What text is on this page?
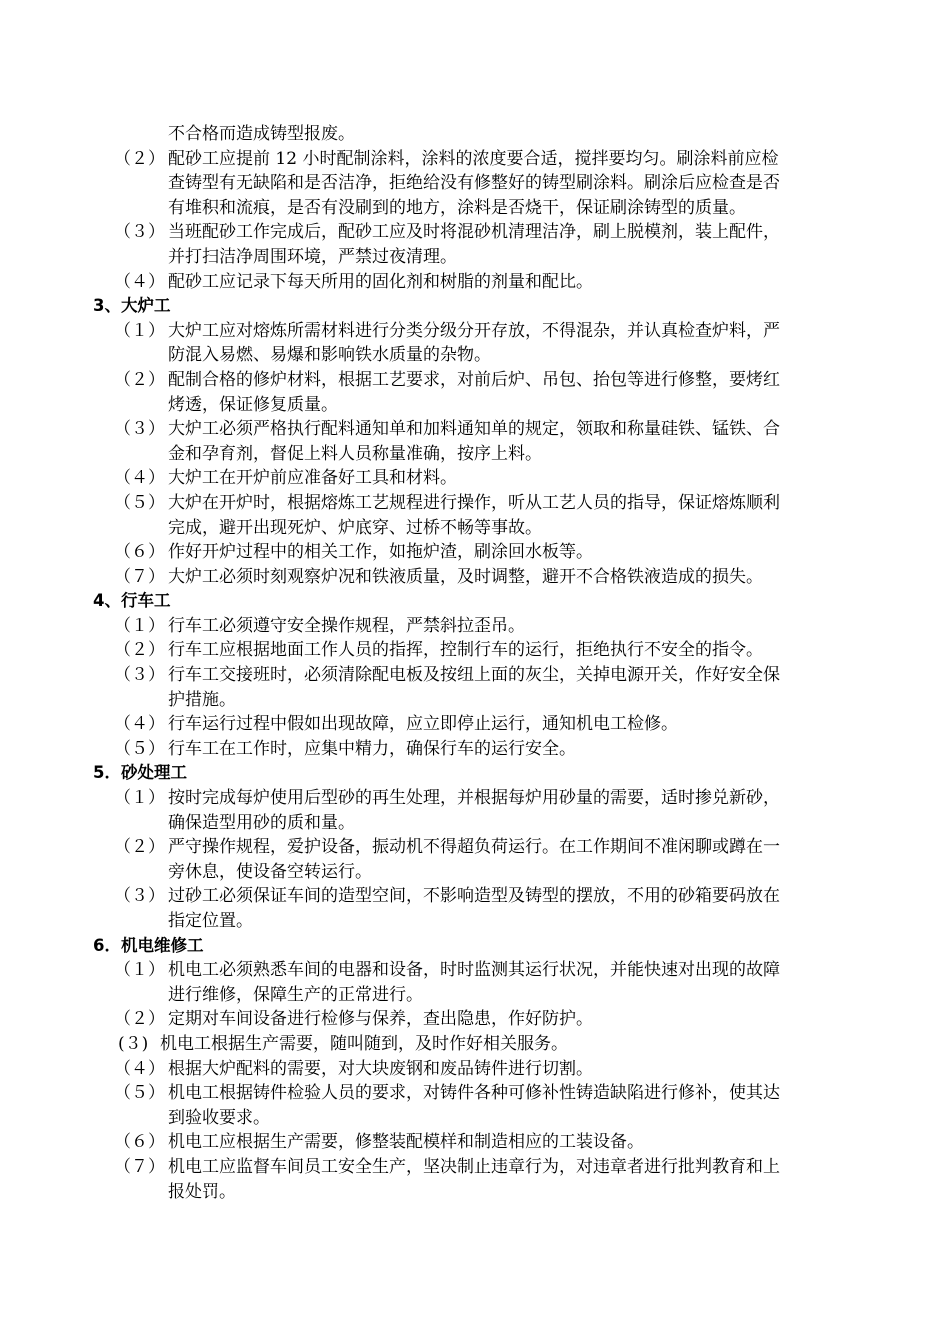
不合格而造成铸型报废。
（２） 配砂工应提前 12 小时配制涂料，涂料的浓度要合适，搅拌要均匀。刷涂料前应检
查铸型有无缺陷和是否洁净，拒绝给没有修整好的铸型刷涂料。刷涂后应检查是否
有堆积和流痕，是否有没刷到的地方，涂料是否烧干，保证刷涂铸型的质量。
（３） 当班配砂工作完成后，配砂工应及时将混砂机清理洁净，刷上脱模剂，装上配件，
并打扫洁净周围环境，严禁过夜清理。
（４） 配砂工应记录下每天所用的固化剂和树脂的剂量和配比。
3、大炉工
（１） 大炉工应对熔炼所需材料进行分类分级分开存放，不得混杂，并认真检查炉料，严
防混入易燃、易爆和影响铁水质量的杂物。
（２） 配制合格的修炉材料，根据工艺要求，对前后炉、吊包、抬包等进行修整，要烤红
烤透，保证修复质量。
（３） 大炉工必须严格执行配料通知单和加料通知单的规定，领取和称量硅铁、锰铁、合
金和孕育剂，督促上料人员称量准确，按序上料。
（４） 大炉工在开炉前应准备好工具和材料。
（５） 大炉在开炉时，根据熔炼工艺规程进行操作，听从工艺人员的指导，保证熔炼顺利
完成，避开出现死炉、炉底穿、过桥不畅等事故。
（６） 作好开炉过程中的相关工作，如拖炉渣，刷涂回水板等。
（７） 大炉工必须时刻观察炉况和铁液质量，及时调整，避开不合格铁液造成的损失。
4、行车工
（１） 行车工必须遵守安全操作规程，严禁斜拉歪吊。
（２） 行车工应根据地面工作人员的指挥，控制行车的运行，拒绝执行不安全的指令。
（３） 行车工交接班时，必须清除配电板及按纽上面的灰尘，关掉电源开关，作好安全保
护措施。
（４） 行车运行过程中假如出现故障，应立即停止运行，通知机电工检修。
（５） 行车工在工作时，应集中精力，确保行车的运行安全。
5．砂处理工
（１） 按时完成每炉使用后型砂的再生处理，并根据每炉用砂量的需要，适时掺兑新砂，
确保造型用砂的质和量。
（２） 严守操作规程，爱护设备，振动机不得超负荷运行。在工作期间不准闲聊或蹲在一
旁休息，使设备空转运行。
（３） 过砂工必须保证车间的造型空间，不影响造型及铸型的摆放，不用的砂箱要码放在
指定位置。
6．机电维修工
（１） 机电工必须熟悉车间的电器和设备，时时监测其运行状况，并能快速对出现的故障
进行维修，保障生产的正常进行。
（２） 定期对车间设备进行检修与保养，查出隐患，作好防护。
(３) 机电工根据生产需要，随叫随到，及时作好相关服务。
（４） 根据大炉配料的需要，对大块废钢和废品铸件进行切割。
（５） 机电工根据铸件检验人员的要求，对铸件各种可修补性铸造缺陷进行修补，使其达
到验收要求。
（６） 机电工应根据生产需要，修整装配模样和制造相应的工装设备。
（７） 机电工应监督车间员工安全生产，坚决制止违章行为，对违章者进行批判教育和上
报处罚。
